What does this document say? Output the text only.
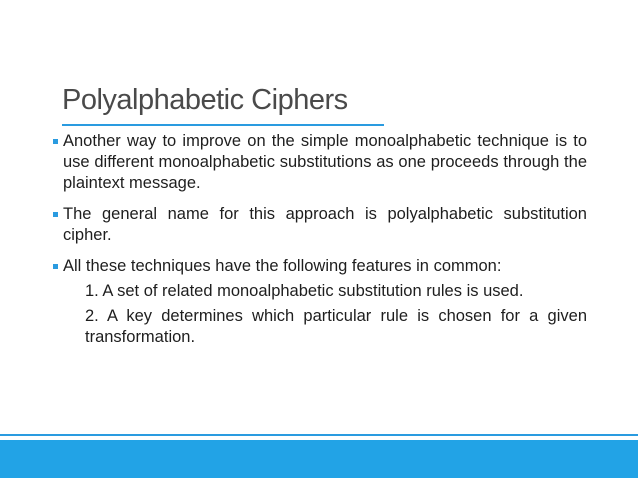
Polyalphabetic Ciphers

Another way to improve on the simple monoalphabetic technique is to use different monoalphabetic substitutions as one proceeds through the plaintext message.

The general name for this approach is polyalphabetic substitution cipher.

All these techniques have the following features in common:

1. A set of related monoalphabetic substitution rules is used.

2. A key determines which particular rule is chosen for a given transformation.
